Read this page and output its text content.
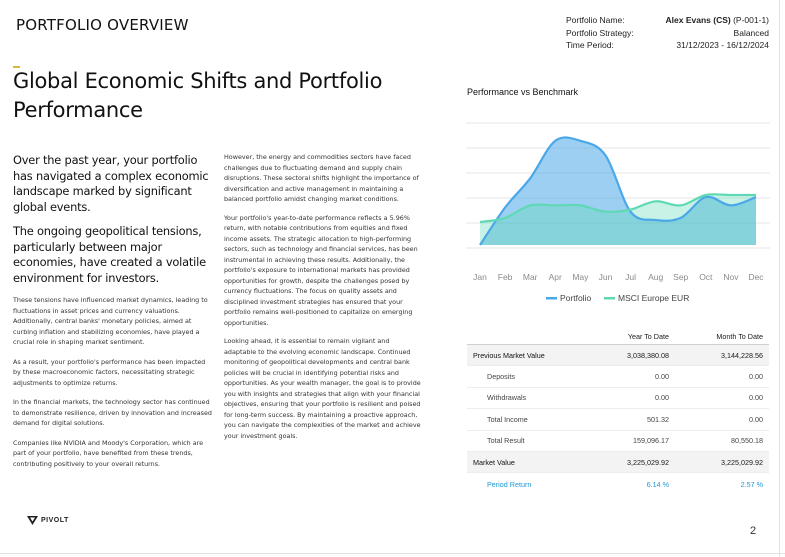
PORTFOLIO OVERVIEW	Portfolio Name:	Alex Evans (CS) (P-001-1)
Portfolio Strategy:	Balanced
Time Period:	31/12/2023 - 16/12/2024
Global Economic Shifts and Portfolio Performance

Over the past year, your portfolio has navigated a complex economic landscape marked by significant global events.

The ongoing geopolitical tensions, particularly between major economies, have created a volatile environment for investors.

These tensions have influenced market dynamics, leading to fluctuations in asset prices and currency valuations. Additionally, central banks' monetary policies, aimed at curbing inflation and stabilizing economies, have played a crucial role in shaping market sentiment.

As a result, your portfolio's performance has been impacted by these macroeconomic factors, necessitating strategic adjustments to optimize returns.

In the financial markets, the technology sector has continued to demonstrate resilience, driven by innovation and increased demand for digital solutions.

Companies like NVIDIA and Moody's Corporation, which are part of your portfolio, have benefited from these trends, contributing positively to your overall returns.

However, the energy and commodities sectors have faced challenges due to fluctuating demand and supply chain disruptions. These sectoral shifts highlight the importance of diversification and active management in maintaining a balanced portfolio amidst changing market conditions.

Your portfolio's year-to-date performance reflects a 5.96% return, with notable contributions from equities and fixed income assets. The strategic allocation to high-performing sectors, such as technology and financial services, has been instrumental in achieving these results. Additionally, the portfolio's exposure to international markets has provided opportunities for growth, despite the challenges posed by currency fluctuations. The focus on quality assets and disciplined investment strategies has ensured that your portfolio remains well-positioned to capitalize on emerging opportunities.

Looking ahead, it is essential to remain vigilant and adaptable to the evolving economic landscape. Continued monitoring of geopolitical developments and central bank policies will be crucial in identifying potential risks and opportunities. As your wealth manager, the goal is to provide you with insights and strategies that align with your financial objectives, ensuring that your portfolio is resilient and poised for long-term success. By maintaining a proactive approach, you can navigate the complexities of the market and achieve your investment goals.

Performance vs Benchmark
Jan Feb Mar Apr May Jun Jul Aug Sep Oct Nov Dec
Portfolio	MSCI Europe EUR
Year To Date	Month To Date
Previous Market Value	3,038,380.08	3,144,228.56
Deposits	0.00	0.00
Withdrawals	0.00	0.00
Total Income	501.32	0.00
Total Result	159,096.17	80,550.18
Market Value	3,225,029.92	3,225,029.92
Period Return	6.14 %	2.57 %
PIVOLT
2
